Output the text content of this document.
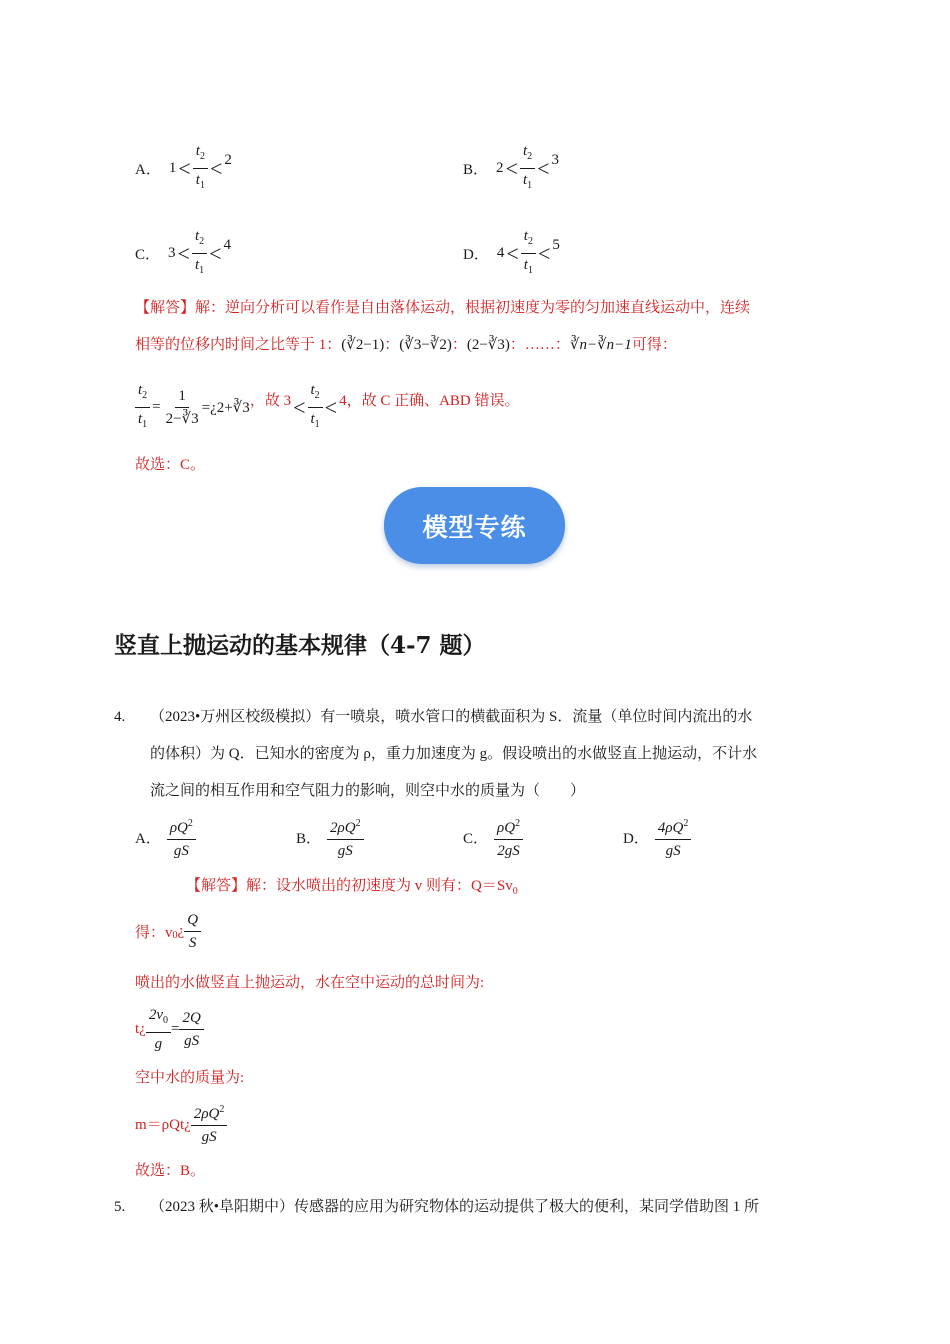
A． $1 < \frac{t_2}{t_1} < 2$
B． $2 < \frac{t_2}{t_1} < 3$
C． $3 < \frac{t_2}{t_1} < 4$
D． $4 < \frac{t_2}{t_1} < 5$
【解答】解：逆向分析可以看作是自由落体运动，根据初速度为零的匀加速直线运动中，连续
相等的位移内时间之比等于 1：(∛2−1)：(∛3−∛2)：(2−∛3)：……：∛n−∛n−1可得：
$\frac{t_2}{t_1} = \frac{1}{2-∛3}$ =¿2+∛3 ，故 $3 < \frac{t_2}{t_1} < 4$，故 C 正确、ABD 错误。
故选：C。
模型专练
竖直上抛运动的基本规律（4-7 题）
4. （2023•万州区校级模拟）有一喷泉，喷水管口的横截面积为 S．流量（单位时间内流出的水
的体积）为 Q．已知水的密度为 ρ，重力加速度为 g。假设喷出的水做竖直上抛运动，不计水
流之间的相互作用和空气阻力的影响，则空中水的质量为（　　）
A． $\frac{\rho Q^2}{gS}$	B． $\frac{2\rho Q^2}{gS}$	C． $\frac{\rho Q^2}{2gS}$	D． $\frac{4\rho Q^2}{gS}$
【解答】解：设水喷出的初速度为 v 则有：$Q=Sv_0$
得：$v_0$ ¿ $\frac{Q}{S}$
喷出的水做竖直上抛运动，水在空中运动的总时间为:
t¿ $\frac{2v_0}{g} = \frac{2Q}{gS}$
空中水的质量为:
m＝ρQt¿ $\frac{2\rho Q^2}{gS}$
故选：B。
5. （2023 秋•阜阳期中）传感器的应用为研究物体的运动提供了极大的便利，某同学借助图 1 所
